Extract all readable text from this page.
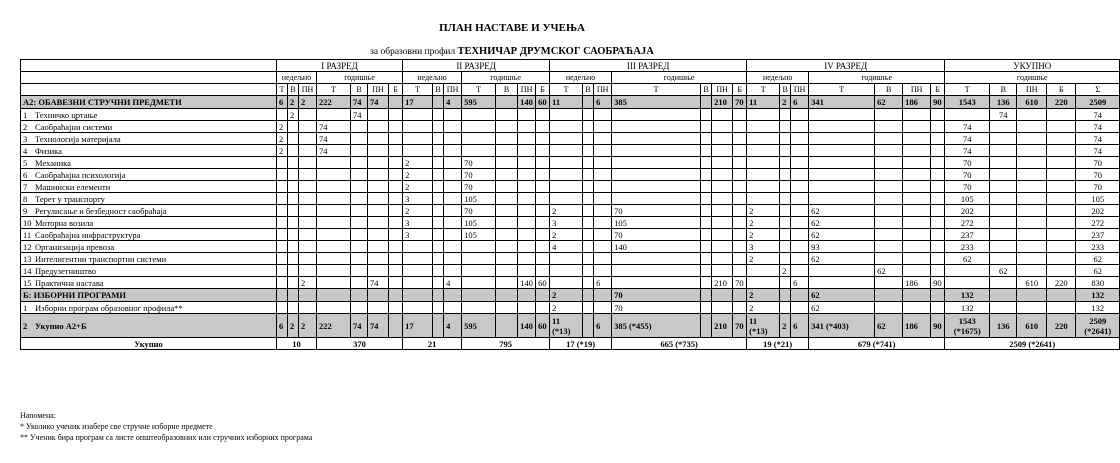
ПЛАН НАСТАВЕ И УЧЕЊА
за образовни профил ТЕХНИЧАР ДРУМСКОГ САОБРАЋАЈА
	I РАЗРЕД							II РАЗРЕД							III РАЗРЕД							IV РАЗРЕД							УКУПНО				
	недељно			годишње				недељно			годишње				недељно			годишње				недељно			годишње				годишње				
	Т	В	ПН	Т	В	ПН	Б	Т	В	ПН	Т	В	ПН	Б	Т	В	ПН	Т	В	ПН	Б	Т	В	ПН	Т	В	ПН	Б	Т	В	ПН	Б	Σ
А2: ОБАВЕЗНИ СТРУЧНИ ПРЕДМЕТИ	6	2	2	222	74	74		17		4	595		140	60	11		6	385		210	70	11	2	6	341	62	186	90	1543	136	610	220	2509
1 Техничко цртање		2			74																									74			74
2 Саобраћајни системи	2			74																									74				74
3 Технологија материјала	2			74																									74				74
4 Физика	2			74																									74				74
5 Механика								2			70																		70				70
6 Саобраћајна психологија								2			70																		70				70
7 Машински елементи								2			70																		70				70
8 Терет у транспорту								3			105																		105				105
9 Регулисање и безбедност саобраћаја								2			70				2			70				2			62				202				202
10 Моторна возила								3			105				3			105				2			62				272				272
11 Саобраћајна инфраструктура								3			105				2			70				2			62				237				237
12 Организација превоза															4			140				3			93				233				233
13 Интелигентни транспортни системи																						2			62				62				62
14 Предузетништво																							2			62				62			62
15 Практична настава			2			74				4			140	60			6			210	70			6			186	90			610	220	830
Б: ИЗБОРНИ ПРОГРАМИ															2			70				2			62				132				132
1 Изборни програм образовног профила**															2			70				2			62				132				132
2 Укупно А2+Б	6	2	2	222	74	74		17		4	595		140	60	11 (*13)		6	385 (*455)		210	70	11 (*13)	2	6	341 (*403)	62	186	90	1543 (*1675)	136	610	220	2509 (*2641)
Укупно	10			370				21			795				17 (*19)			665 (*735)				19 (*21)			679 (*741)				2509 (*2641)				
Напомена:
* Уколико ученик изабере све стручне изборне предмете
** Ученик бира програм са листе општеобразовних или стручних изборних програма
